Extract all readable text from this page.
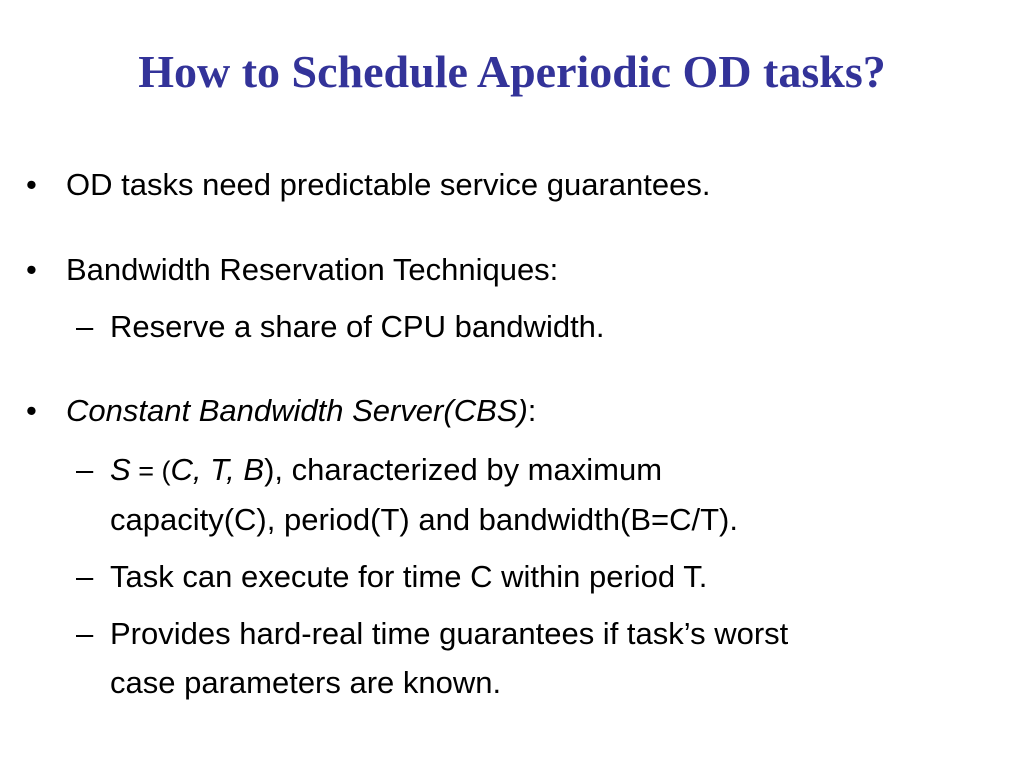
How to Schedule Aperiodic OD tasks?
• OD tasks need predictable service guarantees.
• Bandwidth Reservation Techniques:
– Reserve a share of CPU bandwidth.
• Constant Bandwidth Server(CBS):
– S = (C, T, B), characterized by maximum
capacity(C), period(T) and bandwidth(B=C/T).
– Task can execute for time C within period T.
– Provides hard-real time guarantees if task’s worst
case parameters are known.
